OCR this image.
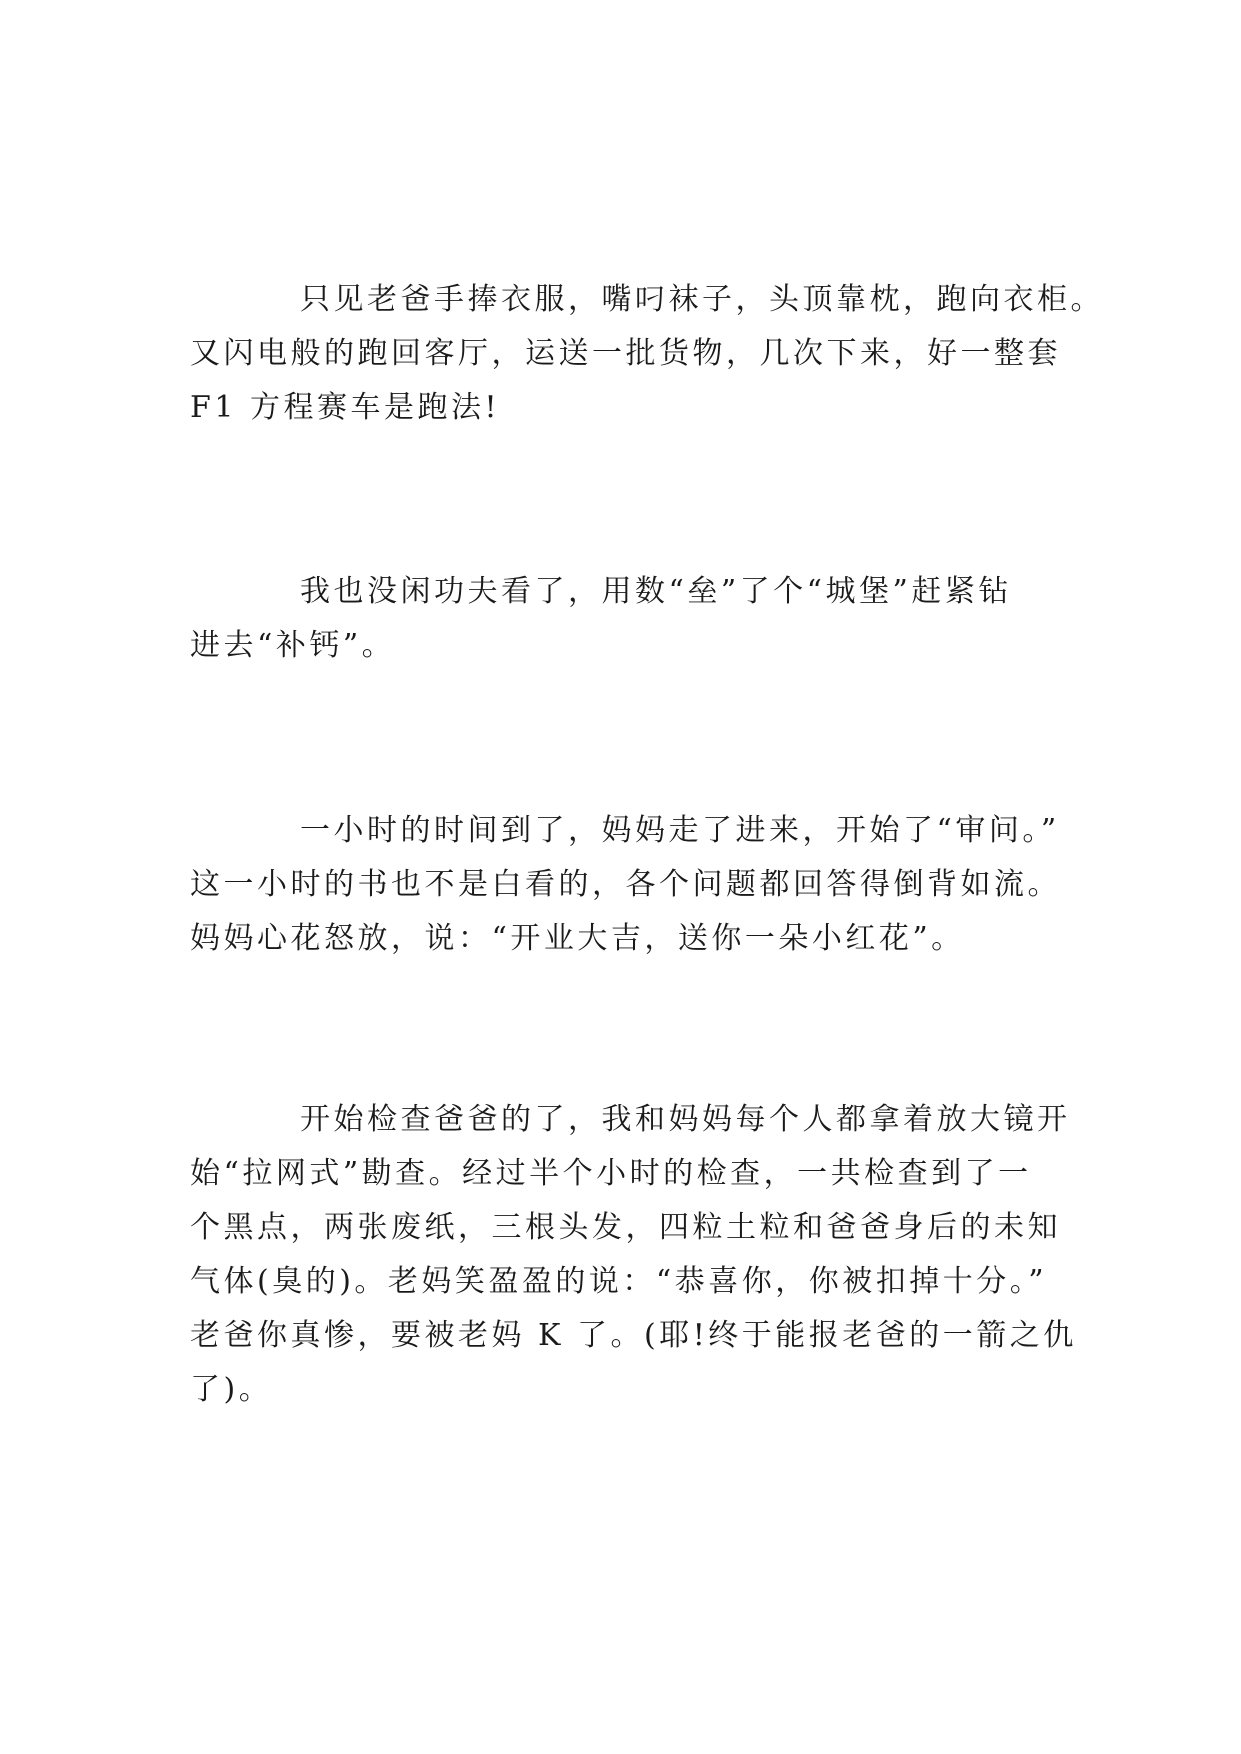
只见老爸手捧衣服，嘴叼袜子，头顶靠枕，跑向衣柜。
又闪电般的跑回客厅，运送一批货物，几次下来，好一整套
F1 方程赛车是跑法!
我也没闲功夫看了，用数“垒”了个“城堡”赶紧钻
进去“补钙”。
一小时的时间到了，妈妈走了进来，开始了“审问。”
这一小时的书也不是白看的，各个问题都回答得倒背如流。
妈妈心花怒放，说：“开业大吉，送你一朵小红花”。
开始检查爸爸的了，我和妈妈每个人都拿着放大镜开
始“拉网式”勘查。经过半个小时的检查，一共检查到了一
个黑点，两张废纸，三根头发，四粒土粒和爸爸身后的未知
气体(臭的)。老妈笑盈盈的说：“恭喜你，你被扣掉十分。”
老爸你真惨，要被老妈 K 了。(耶!终于能报老爸的一箭之仇
了)。
